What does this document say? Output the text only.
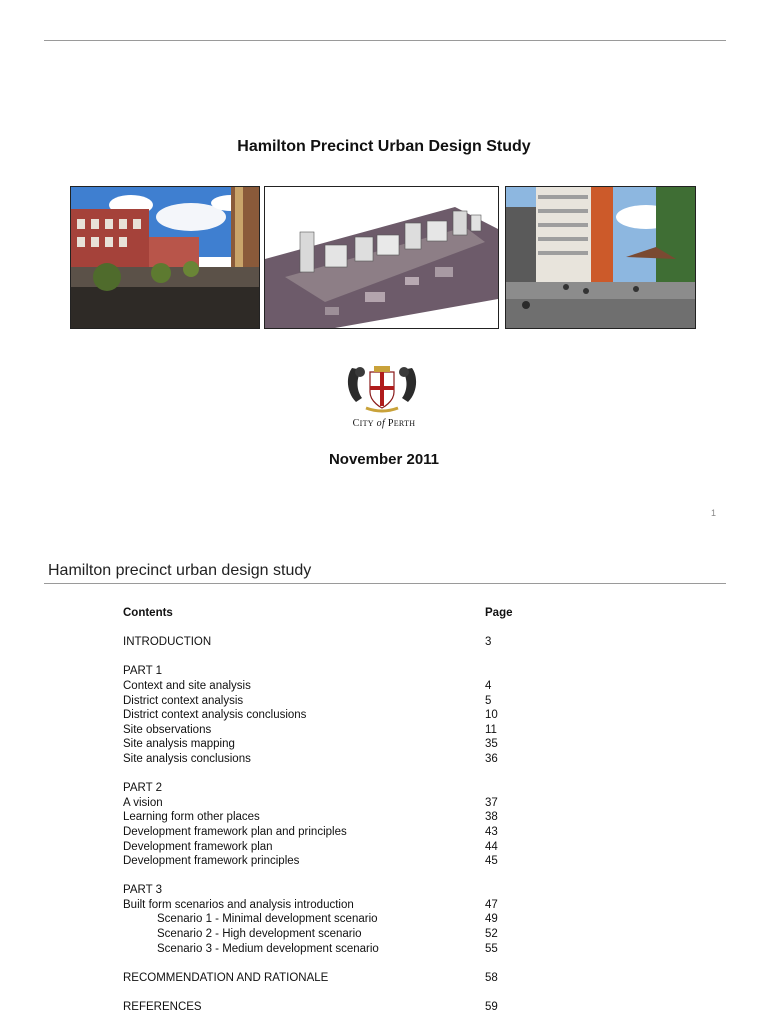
Hamilton Precinct Urban Design Study
CITY of PERTH
November 2011
1
Hamilton precinct urban design study
Contents	Page
INTRODUCTION	3
PART 1
Context and site analysis	4
District context analysis	5
District context analysis conclusions	10
Site observations	11
Site analysis mapping	35
Site analysis conclusions	36
PART 2
A vision	37
Learning form other places	38
Development framework plan and principles	43
Development framework plan	44
Development framework principles	45
PART 3
Built form scenarios and analysis introduction	47
Scenario 1 - Minimal development scenario	49
Scenario 2 - High development scenario	52
Scenario 3 - Medium development scenario	55
RECOMMENDATION AND RATIONALE	58
REFERENCES	59
